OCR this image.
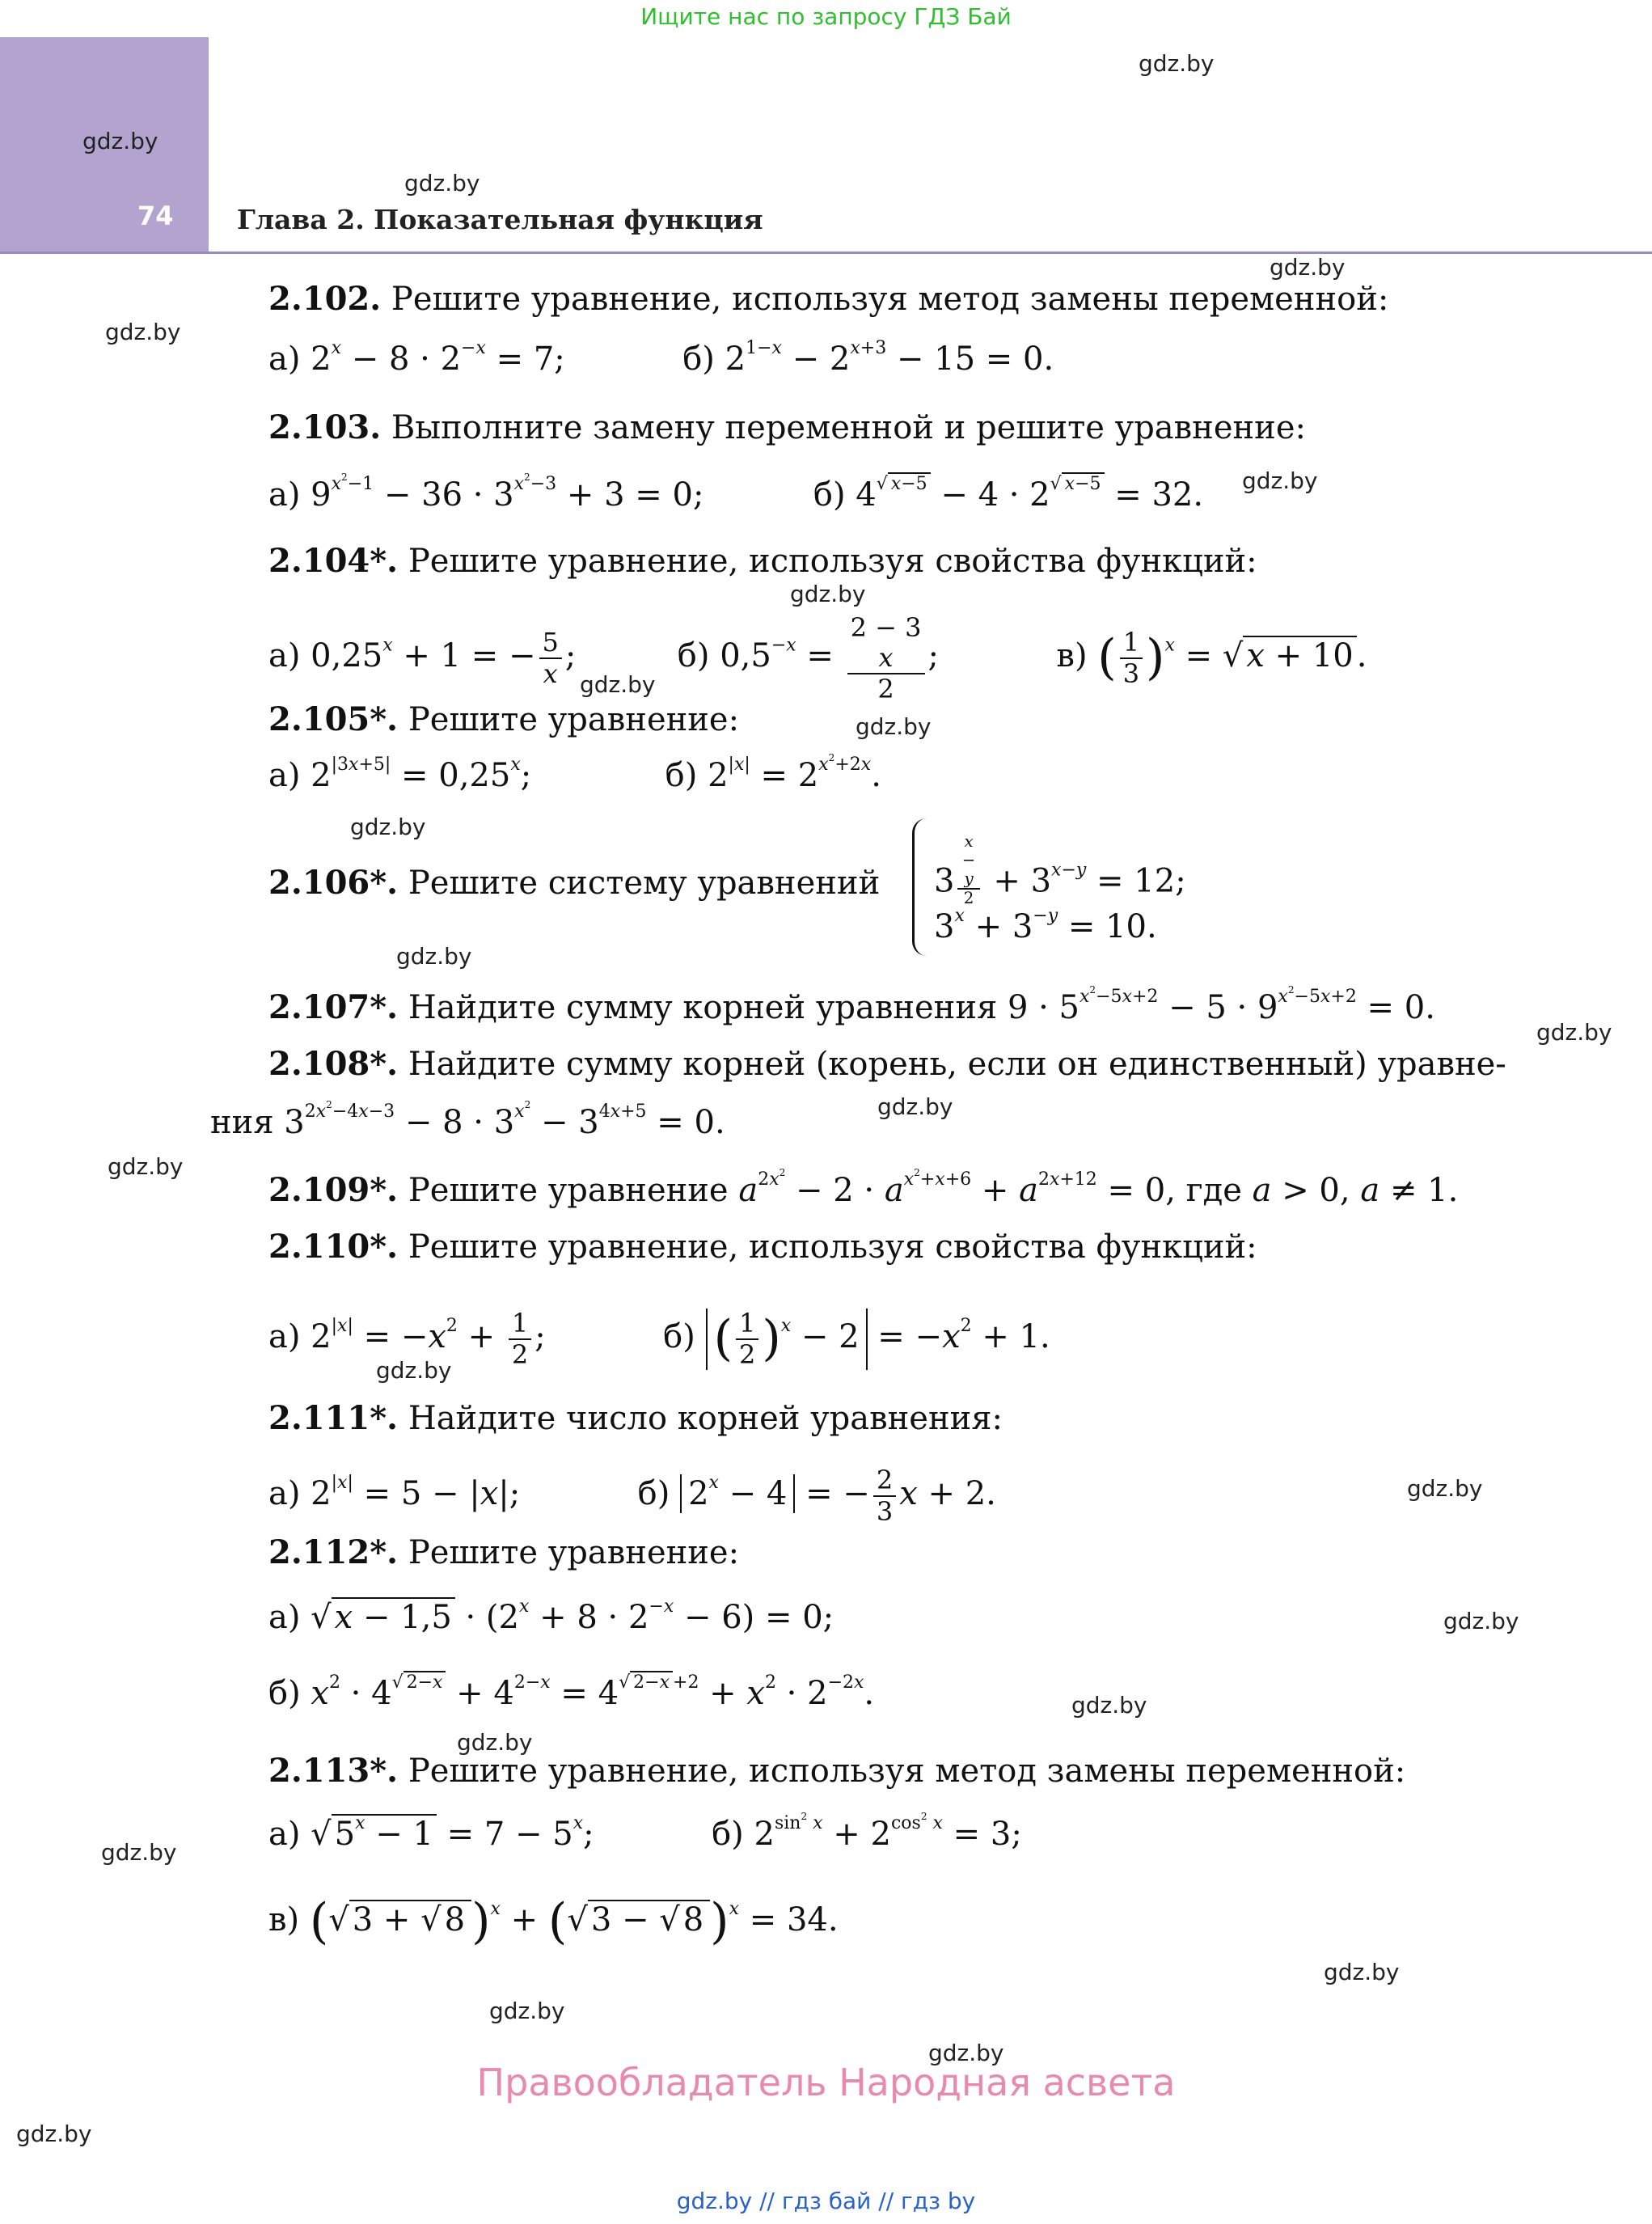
Ищите нас по запросу ГДЗ Бай
74 Глава 2. Показательная функция
gdz.by
gdz.by
gdz.by
gdz.by
gdz.by
gdz.by
gdz.by
gdz.by
gdz.by
gdz.by
gdz.by
gdz.by
gdz.by
gdz.by
gdz.by
gdz.by
gdz.by
gdz.by
gdz.by
gdz.by
gdz.by
gdz.by
gdz.by
gdz.by
2.102. Решите уравнение, используя метод замены переменной:
а) $2^x - 8 \cdot 2^{-x} = 7$;	б) $2^{1-x} - 2^{x+3} - 15 = 0$.
2.103. Выполните замену переменной и решите уравнение:
а) $9^{x^2-1} - 36 \cdot 3^{x^2-3} + 3 = 0$;	б) $4^{√ x-5} - 4 \cdot 2^{√ x-5} = 32$.
2.104*. Решите уравнение, используя свойства функций:
а) $0,25^x + 1$ = − $\frac{5}{x}$ ;	б) $0,5^{-x} = 2 - 3$
x
2 ;	в) ( $\frac{1}{3} )^x$ = √ x + 10 .
2.105*. Решите уравнение:
а) $2^{|3x+5|} = 0,25^x$;	б) $2^{|x|} = 2^{x^2+2x}$.
2.106*. Решите систему уравнений 3 $^{x - y 2} + 3^{x-y} = 12$;
$3^x + 3^{-y} = 10$.
2.107*. Найдите сумму корней уравнения $9 \cdot 5^{x^2-5x+2} - 5 \cdot 9^{x^2-5x+2} = 0$.
2.108*. Найдите сумму корней (корень, если он единственный) уравне-
ния $3^{2x^2-4x-3} - 8 \cdot 3^{x^2} - 3^{4x+5} = 0$.
2.109*. Решите уравнение $a^{2x^2} - 2 \cdot a^{x^2+x+6} + a^{2x+12} = 0$, где a > 0, a ≠ 1.
2.110*. Решите уравнение, используя свойства функций:
а) $2^{|x|} = -x^2 + \frac{1}{2}$ ;	б) ( $\frac{1}{2} )^x - 2 = -x^2 + 1$.
2.111*. Найдите число корней уравнения:
а) $2^{|x|} = 5 - |x|$;	б) $2^x - 4$ = − $\frac{2}{3}$ x + 2.
2.112*. Решите уравнение:
а) √ $x - 1,5 \cdot (2^x + 8 \cdot 2^{-x} - 6) = 0$;
б) $x^2 \cdot 4^{√ 2-x} + 4^{2-x} = 4^{√ 2-x +2} + x^2 \cdot 2^{-2x}$.
2.113*. Решите уравнение, используя метод замены переменной:
а) √ $5^x - 1 = 7 - 5^x$;	б) $2^{sin^2 x} + 2^{cos^2 x} = 3$;
в) (√ 3 + √ 8 )$^x$ + (√ 3 − √ 8 )$^x$ = 34.
Правообладатель Народная асвета
gdz.by // гдз бай // гдз by
